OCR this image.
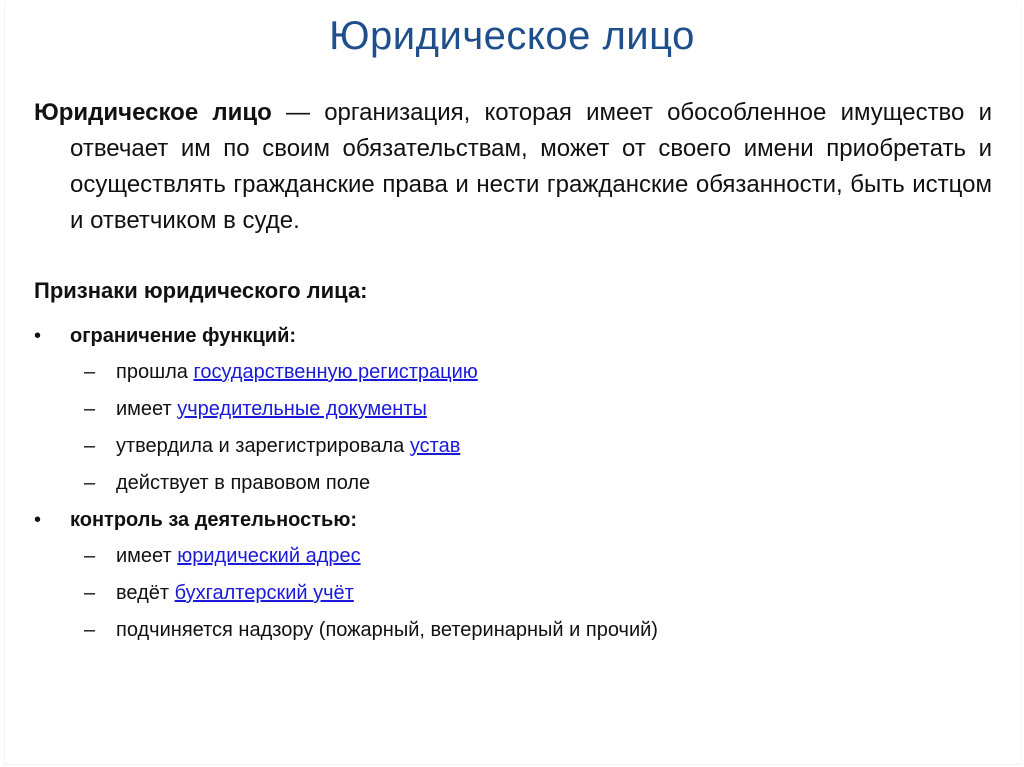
Юридическое лицо
Юридическое лицо — организация, которая имеет обособленное имущество и отвечает им по своим обязательствам, может от своего имени приобретать и осуществлять гражданские права и нести гражданские обязанности, быть истцом и ответчиком в суде.
Признаки юридического лица:
•	ограничение функций:
–	прошла
государственную регистрацию
–	имеет
учредительные документы
–	утвердила и зарегистрировала
устав
–	действует в правовом поле
•	контроль за деятельностью:
–	имеет
юридический адрес
–	ведёт
бухгалтерский учёт
–	подчиняется надзору (пожарный, ветеринарный и прочий)
